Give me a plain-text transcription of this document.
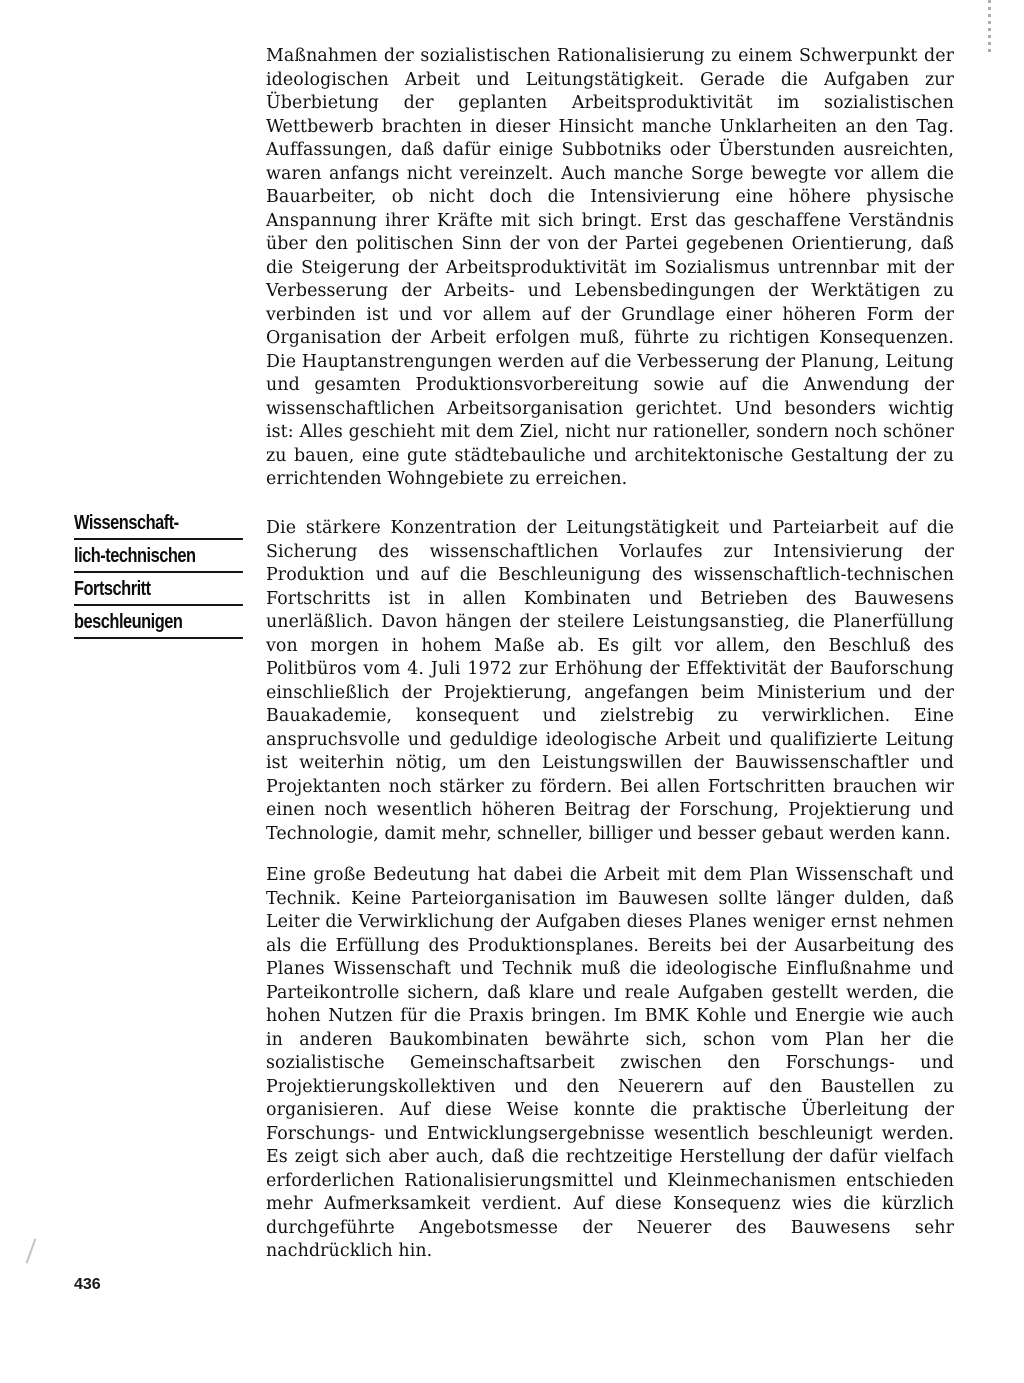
Maßnahmen der sozialistischen Rationalisierung zu einem Schwerpunkt der ideologischen Arbeit und Leitungstätigkeit. Gerade die Aufgaben zur Überbietung der geplanten Arbeitsproduktivität im sozialistischen Wettbewerb brachten in dieser Hinsicht manche Unklarheiten an den Tag. Auffassungen, daß dafür einige Subbotniks oder Überstunden ausreichten, waren anfangs nicht vereinzelt. Auch manche Sorge bewegte vor allem die Bauarbeiter, ob nicht doch die Intensivierung eine höhere physische Anspannung ihrer Kräfte mit sich bringt. Erst das geschaffene Verständnis über den politischen Sinn der von der Partei gegebenen Orientierung, daß die Steigerung der Arbeitsproduktivität im Sozialismus untrennbar mit der Verbesserung der Arbeits- und Lebensbedingungen der Werktätigen zu verbinden ist und vor allem auf der Grundlage einer höheren Form der Organisation der Arbeit erfolgen muß, führte zu richtigen Konsequenzen. Die Hauptanstrengungen werden auf die Verbesserung der Planung, Leitung und gesamten Produktionsvorbereitung sowie auf die Anwendung der wissenschaftlichen Arbeitsorganisation gerichtet. Und besonders wichtig ist: Alles geschieht mit dem Ziel, nicht nur rationeller, sondern noch schöner zu bauen, eine gute städtebauliche und architektonische Gestaltung der zu errichtenden Wohngebiete zu erreichen.

Wissenschaft-
lich-technischen
Fortschritt
beschleunigen

Die stärkere Konzentration der Leitungstätigkeit und Parteiarbeit auf die Sicherung des wissenschaftlichen Vorlaufes zur Intensivierung der Produktion und auf die Beschleunigung des wissenschaftlich-technischen Fortschritts ist in allen Kombinaten und Betrieben des Bauwesens unerläßlich. Davon hängen der steilere Leistungsanstieg, die Planerfüllung von morgen in hohem Maße ab. Es gilt vor allem, den Beschluß des Politbüros vom 4. Juli 1972 zur Erhöhung der Effektivität der Bauforschung einschließlich der Projektierung, angefangen beim Ministerium und der Bauakademie, konsequent und zielstrebig zu verwirklichen. Eine anspruchsvolle und geduldige ideologische Arbeit und qualifizierte Leitung ist weiterhin nötig, um den Leistungswillen der Bauwissenschaftler und Projektanten noch stärker zu fördern. Bei allen Fortschritten brauchen wir einen noch wesentlich höheren Beitrag der Forschung, Projektierung und Technologie, damit mehr, schneller, billiger und besser gebaut werden kann.

Eine große Bedeutung hat dabei die Arbeit mit dem Plan Wissenschaft und Technik. Keine Parteiorganisation im Bauwesen sollte länger dulden, daß Leiter die Verwirklichung der Aufgaben dieses Planes weniger ernst nehmen als die Erfüllung des Produktionsplanes. Bereits bei der Ausarbeitung des Planes Wissenschaft und Technik muß die ideologische Einflußnahme und Parteikontrolle sichern, daß klare und reale Aufgaben gestellt werden, die hohen Nutzen für die Praxis bringen. Im BMK Kohle und Energie wie auch in anderen Baukombinaten bewährte sich, schon vom Plan her die sozialistische Gemeinschaftsarbeit zwischen den Forschungs- und Projektierungskollektiven und den Neuerern auf den Baustellen zu organisieren. Auf diese Weise konnte die praktische Überleitung der Forschungs- und Entwicklungsergebnisse wesentlich beschleunigt werden. Es zeigt sich aber auch, daß die rechtzeitige Herstellung der dafür vielfach erforderlichen Rationalisierungsmittel und Kleinmechanismen entschieden mehr Aufmerksamkeit verdient. Auf diese Konsequenz wies die kürzlich durchgeführte Angebotsmesse der Neuerer des Bauwesens sehr nachdrücklich hin.

436
